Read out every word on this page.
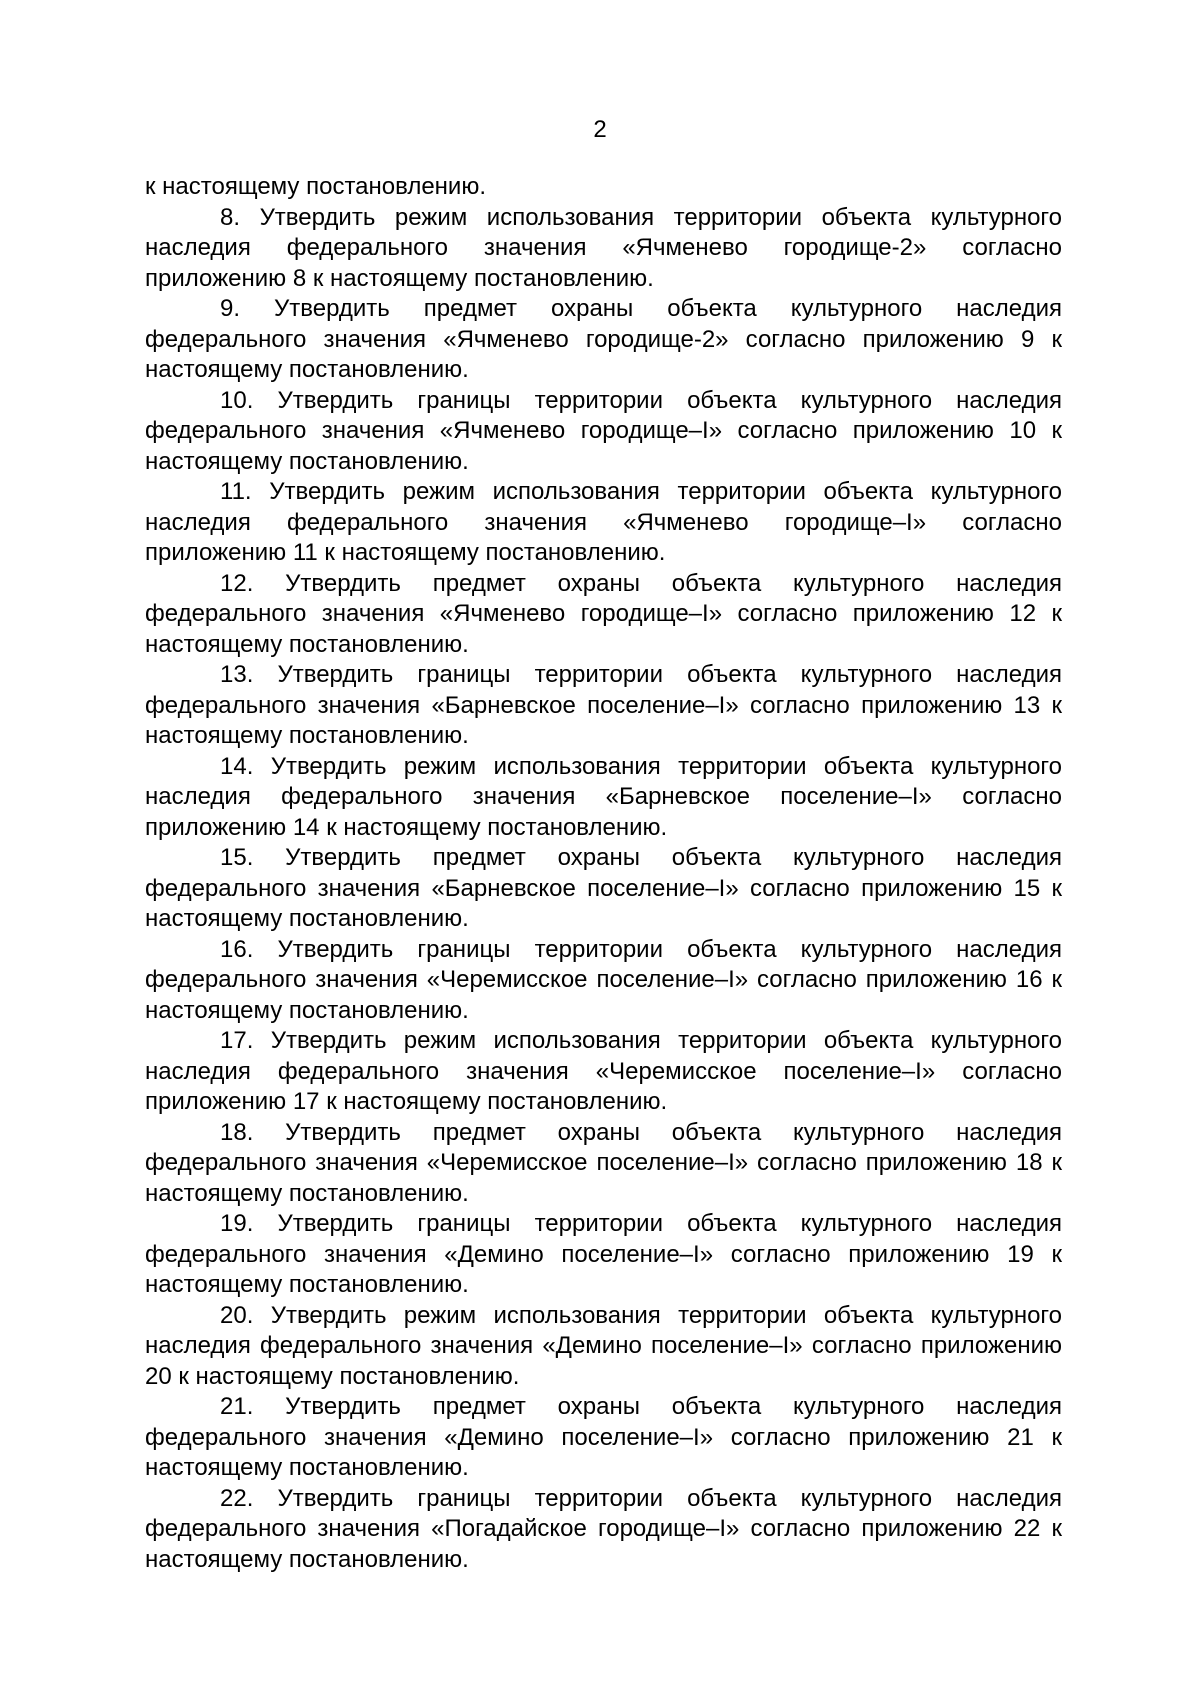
2

к настоящему постановлению.

8. Утвердить режим использования территории объекта культурного наследия федерального значения «Ячменево городище-2» согласно приложению 8 к настоящему постановлению.

9. Утвердить предмет охраны объекта культурного наследия федерального значения «Ячменево городище-2» согласно приложению 9 к настоящему постановлению.

10. Утвердить границы территории объекта культурного наследия федерального значения «Ячменево городище–I» согласно приложению 10 к настоящему постановлению.

11. Утвердить режим использования территории объекта культурного наследия федерального значения «Ячменево городище–I» согласно приложению 11 к настоящему постановлению.

12. Утвердить предмет охраны объекта культурного наследия федерального значения «Ячменево городище–I» согласно приложению 12 к настоящему постановлению.

13. Утвердить границы территории объекта культурного наследия федерального значения «Барневское поселение–I» согласно приложению 13 к настоящему постановлению.

14. Утвердить режим использования территории объекта культурного наследия федерального значения «Барневское поселение–I» согласно приложению 14 к настоящему постановлению.

15. Утвердить предмет охраны объекта культурного наследия федерального значения «Барневское поселение–I» согласно приложению 15 к настоящему постановлению.

16. Утвердить границы территории объекта культурного наследия федерального значения «Черемисское поселение–I» согласно приложению 16 к настоящему постановлению.

17. Утвердить режим использования территории объекта культурного наследия федерального значения «Черемисское поселение–I» согласно приложению 17 к настоящему постановлению.

18. Утвердить предмет охраны объекта культурного наследия федерального значения «Черемисское поселение–I» согласно приложению 18 к настоящему постановлению.

19. Утвердить границы территории объекта культурного наследия федерального значения «Демино поселение–I» согласно приложению 19 к настоящему постановлению.

20. Утвердить режим использования территории объекта культурного наследия федерального значения «Демино поселение–I» согласно приложению 20 к настоящему постановлению.

21. Утвердить предмет охраны объекта культурного наследия федерального значения «Демино поселение–I» согласно приложению 21 к настоящему постановлению.

22. Утвердить границы территории объекта культурного наследия федерального значения «Погадайское городище–I» согласно приложению 22 к настоящему постановлению.
